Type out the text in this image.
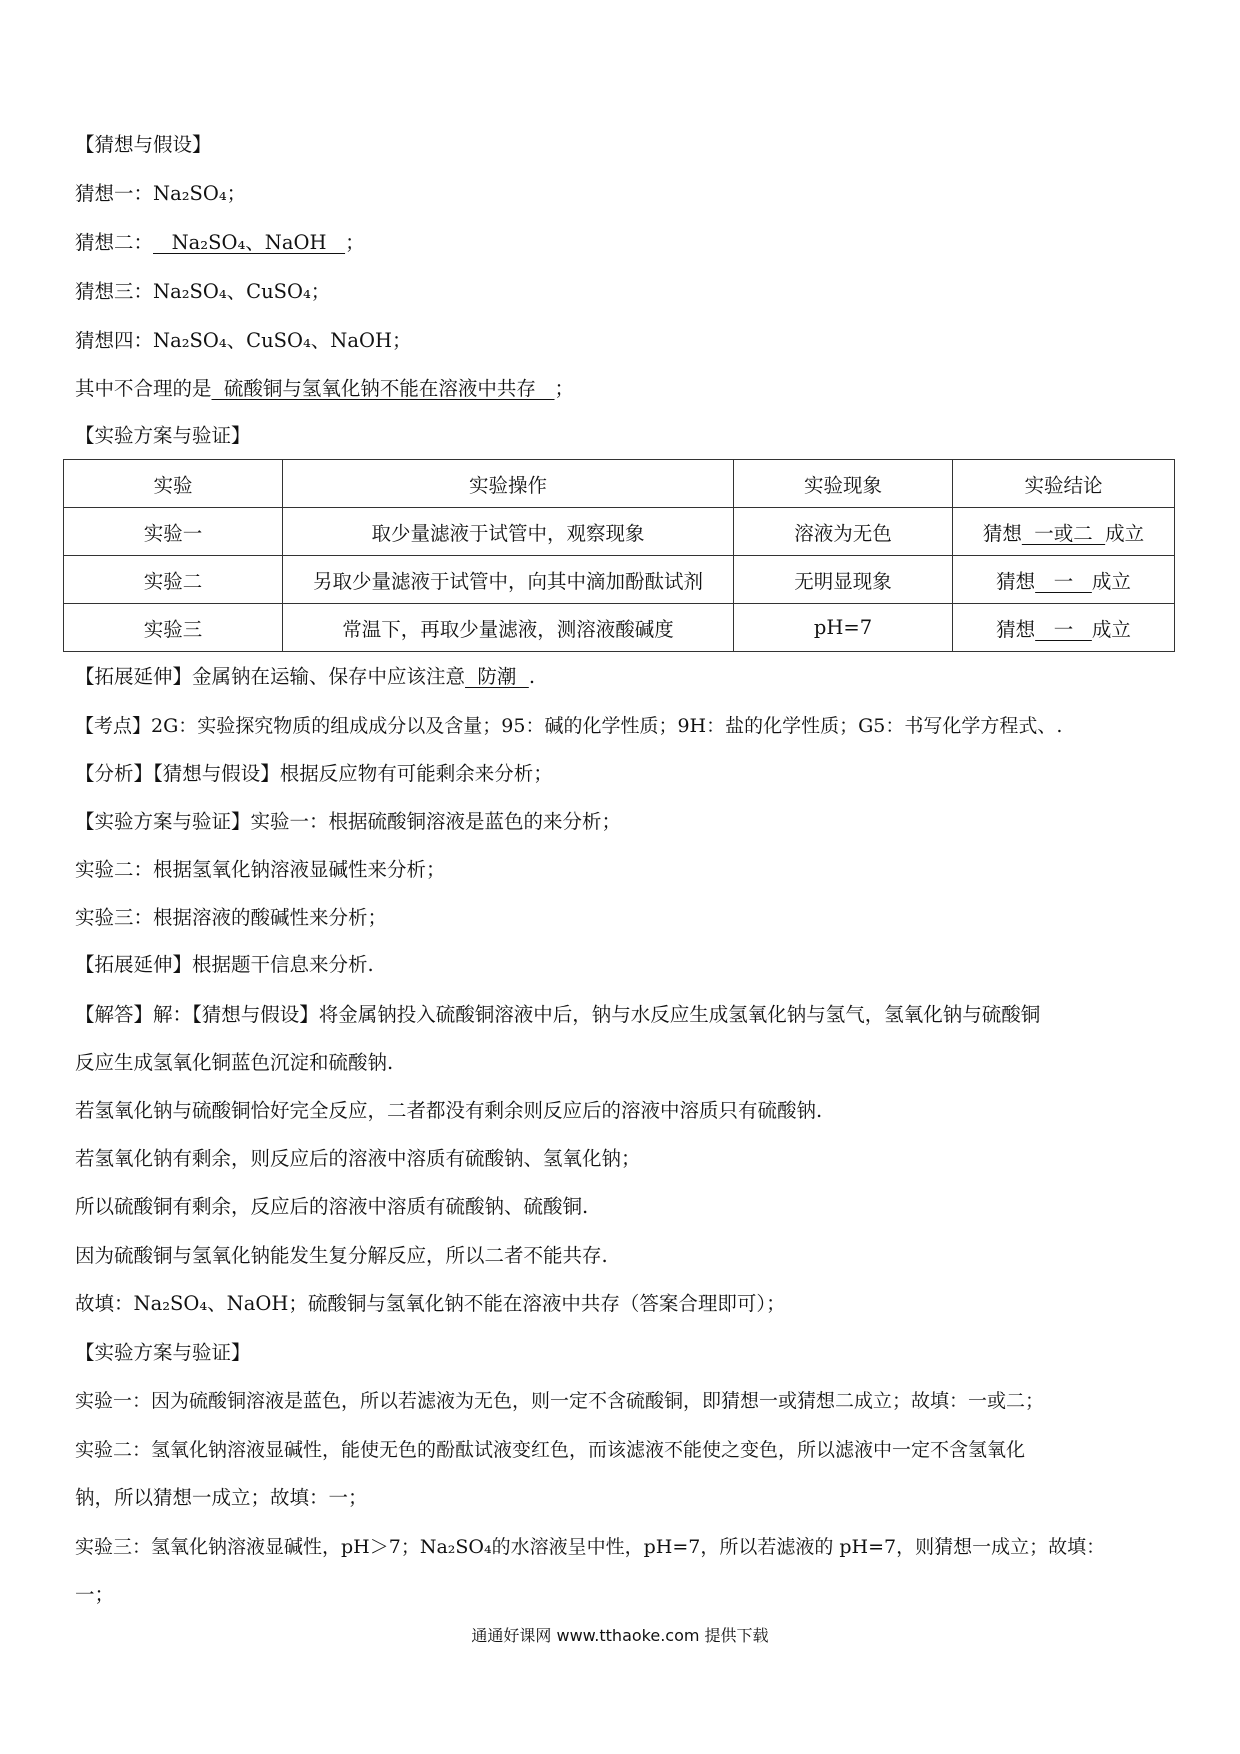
【猜想与假设】
猜想一：Na₂SO₄；
猜想二：   Na₂SO₄、NaOH   ；
猜想三：Na₂SO₄、CuSO₄；
猜想四：Na₂SO₄、CuSO₄、NaOH；
其中不合理的是  硫酸铜与氢氧化钠不能在溶液中共存   ；
【实验方案与验证】
实验	实验操作	实验现象	实验结论
实验一	取少量滤液于试管中，观察现象	溶液为无色	猜想  一或二  成立
实验二	另取少量滤液于试管中，向其中滴加酚酞试剂	无明显现象	猜想   一   成立
实验三	常温下，再取少量滤液，测溶液酸碱度	pH=7	猜想   一   成立
【拓展延伸】金属钠在运输、保存中应该注意  防潮  .
【考点】2G：实验探究物质的组成成分以及含量；95：碱的化学性质；9H：盐的化学性质；G5：书写化学方程式、.
【分析】【猜想与假设】根据反应物有可能剩余来分析；
【实验方案与验证】实验一：根据硫酸铜溶液是蓝色的来分析；
实验二：根据氢氧化钠溶液显碱性来分析；
实验三：根据溶液的酸碱性来分析；
【拓展延伸】根据题干信息来分析.
【解答】解：【猜想与假设】将金属钠投入硫酸铜溶液中后，钠与水反应生成氢氧化钠与氢气，氢氧化钠与硫酸铜
反应生成氢氧化铜蓝色沉淀和硫酸钠.
若氢氧化钠与硫酸铜恰好完全反应，二者都没有剩余则反应后的溶液中溶质只有硫酸钠.
若氢氧化钠有剩余，则反应后的溶液中溶质有硫酸钠、氢氧化钠；
所以硫酸铜有剩余，反应后的溶液中溶质有硫酸钠、硫酸铜.
因为硫酸铜与氢氧化钠能发生复分解反应，所以二者不能共存.
故填：Na₂SO₄、NaOH；硫酸铜与氢氧化钠不能在溶液中共存（答案合理即可）；
【实验方案与验证】
实验一：因为硫酸铜溶液是蓝色，所以若滤液为无色，则一定不含硫酸铜，即猜想一或猜想二成立；故填：一或二；
实验二：氢氧化钠溶液显碱性，能使无色的酚酞试液变红色，而该滤液不能使之变色，所以滤液中一定不含氢氧化
钠，所以猜想一成立；故填：一；
实验三：氢氧化钠溶液显碱性，pH＞7；Na₂SO₄的水溶液呈中性，pH=7，所以若滤液的 pH=7，则猜想一成立；故填：
一；
通通好课网 www.tthaoke.com 提供下载
